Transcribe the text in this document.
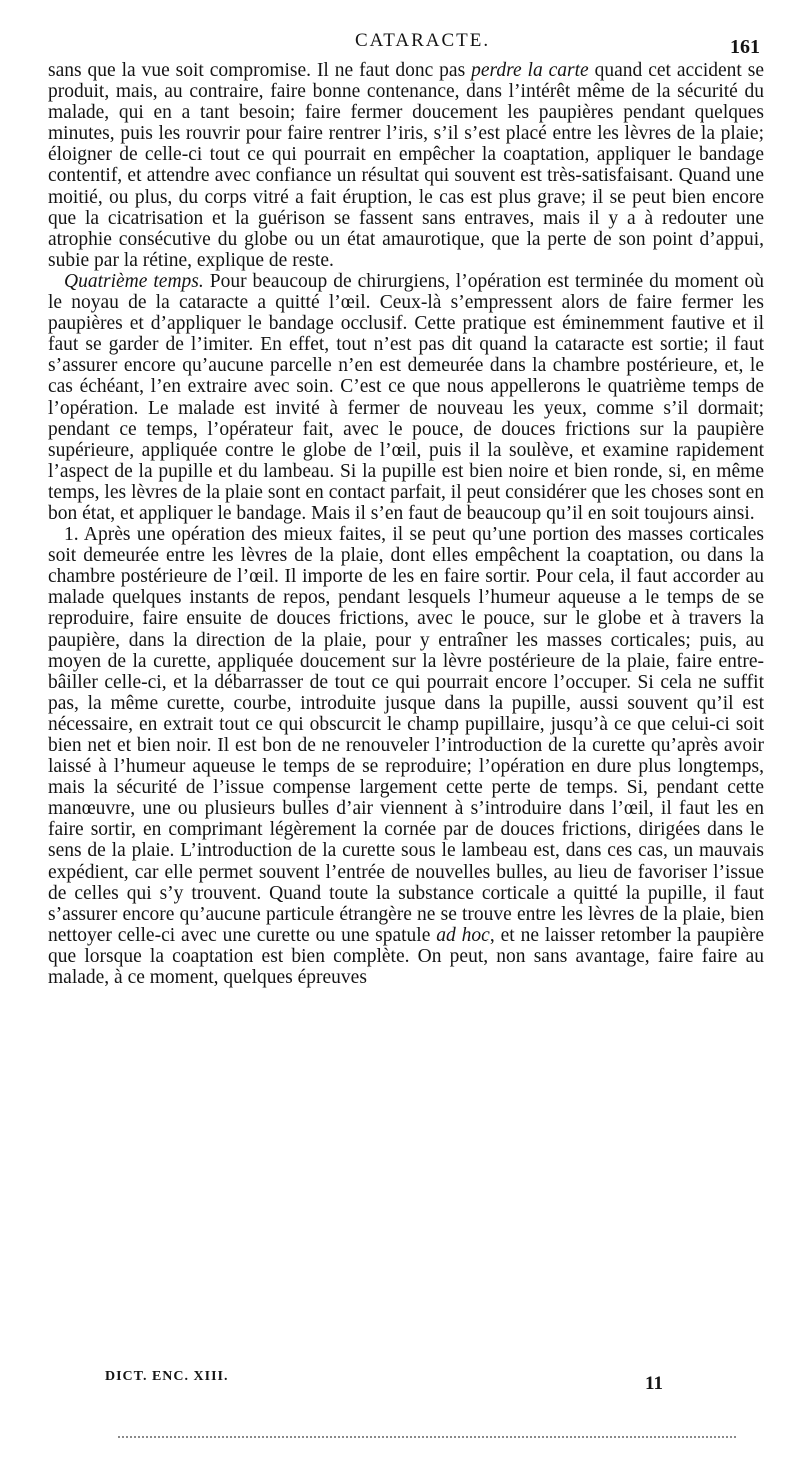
CATARACTE.	161

sans que la vue soit compromise. Il ne faut donc pas perdre la carte quand cet accident se produit, mais, au contraire, faire bonne contenance, dans l’intérêt même de la sécurité du malade, qui en a tant besoin; faire fermer doucement les paupières pendant quelques minutes, puis les rouvrir pour faire rentrer l’iris, s’il s’est placé entre les lèvres de la plaie; éloigner de celle-ci tout ce qui pourrait en empêcher la coaptation, appliquer le bandage contentif, et attendre avec confiance un résultat qui souvent est très-satisfaisant. Quand une moitié, ou plus, du corps vitré a fait éruption, le cas est plus grave; il se peut bien encore que la cicatrisation et la guérison se fassent sans entraves, mais il y a à redouter une atrophie consécutive du globe ou un état amaurotique, que la perte de son point d’appui, subie par la rétine, explique de reste.

Quatrième temps. Pour beaucoup de chirurgiens, l’opération est terminée du moment où le noyau de la cataracte a quitté l’œil. Ceux-là s’empressent alors de faire fermer les paupières et d’appliquer le bandage occlusif. Cette pratique est éminemment fautive et il faut se garder de l’imiter. En effet, tout n’est pas dit quand la cataracte est sortie; il faut s’assurer encore qu’aucune parcelle n’en est demeurée dans la chambre postérieure, et, le cas échéant, l’en extraire avec soin. C’est ce que nous appellerons le quatrième temps de l’opération. Le malade est invité à fermer de nouveau les yeux, comme s’il dormait; pendant ce temps, l’opérateur fait, avec le pouce, de douces frictions sur la paupière supérieure, appliquée contre le globe de l’œil, puis il la soulève, et examine rapidement l’aspect de la pupille et du lambeau. Si la pupille est bien noire et bien ronde, si, en même temps, les lèvres de la plaie sont en contact parfait, il peut considérer que les choses sont en bon état, et appliquer le bandage. Mais il s’en faut de beaucoup qu’il en soit toujours ainsi.

1. Après une opération des mieux faites, il se peut qu’une portion des masses corticales soit demeurée entre les lèvres de la plaie, dont elles empêchent la coaptation, ou dans la chambre postérieure de l’œil. Il importe de les en faire sortir. Pour cela, il faut accorder au malade quelques instants de repos, pendant lesquels l’humeur aqueuse a le temps de se reproduire, faire ensuite de douces frictions, avec le pouce, sur le globe et à travers la paupière, dans la direction de la plaie, pour y entraîner les masses corticales; puis, au moyen de la curette, appliquée doucement sur la lèvre postérieure de la plaie, faire entre-bâiller celle-ci, et la débarrasser de tout ce qui pourrait encore l’occuper. Si cela ne suffit pas, la même curette, courbe, introduite jusque dans la pupille, aussi souvent qu’il est nécessaire, en extrait tout ce qui obscurcit le champ pupillaire, jusqu’à ce que celui-ci soit bien net et bien noir. Il est bon de ne renouveler l’introduction de la curette qu’après avoir laissé à l’humeur aqueuse le temps de se reproduire; l’opération en dure plus longtemps, mais la sécurité de l’issue compense largement cette perte de temps. Si, pendant cette manœuvre, une ou plusieurs bulles d’air viennent à s’introduire dans l’œil, il faut les en faire sortir, en comprimant légèrement la cornée par de douces frictions, dirigées dans le sens de la plaie. L’introduction de la curette sous le lambeau est, dans ces cas, un mauvais expédient, car elle permet souvent l’entrée de nouvelles bulles, au lieu de favoriser l’issue de celles qui s’y trouvent. Quand toute la substance corticale a quitté la pupille, il faut s’assurer encore qu’aucune particule étrangère ne se trouve entre les lèvres de la plaie, bien nettoyer celle-ci avec une curette ou une spatule ad hoc, et ne laisser retomber la paupière que lorsque la coaptation est bien complète. On peut, non sans avantage, faire faire au malade, à ce moment, quelques épreuves

DICT. ENC. XIII.	11
